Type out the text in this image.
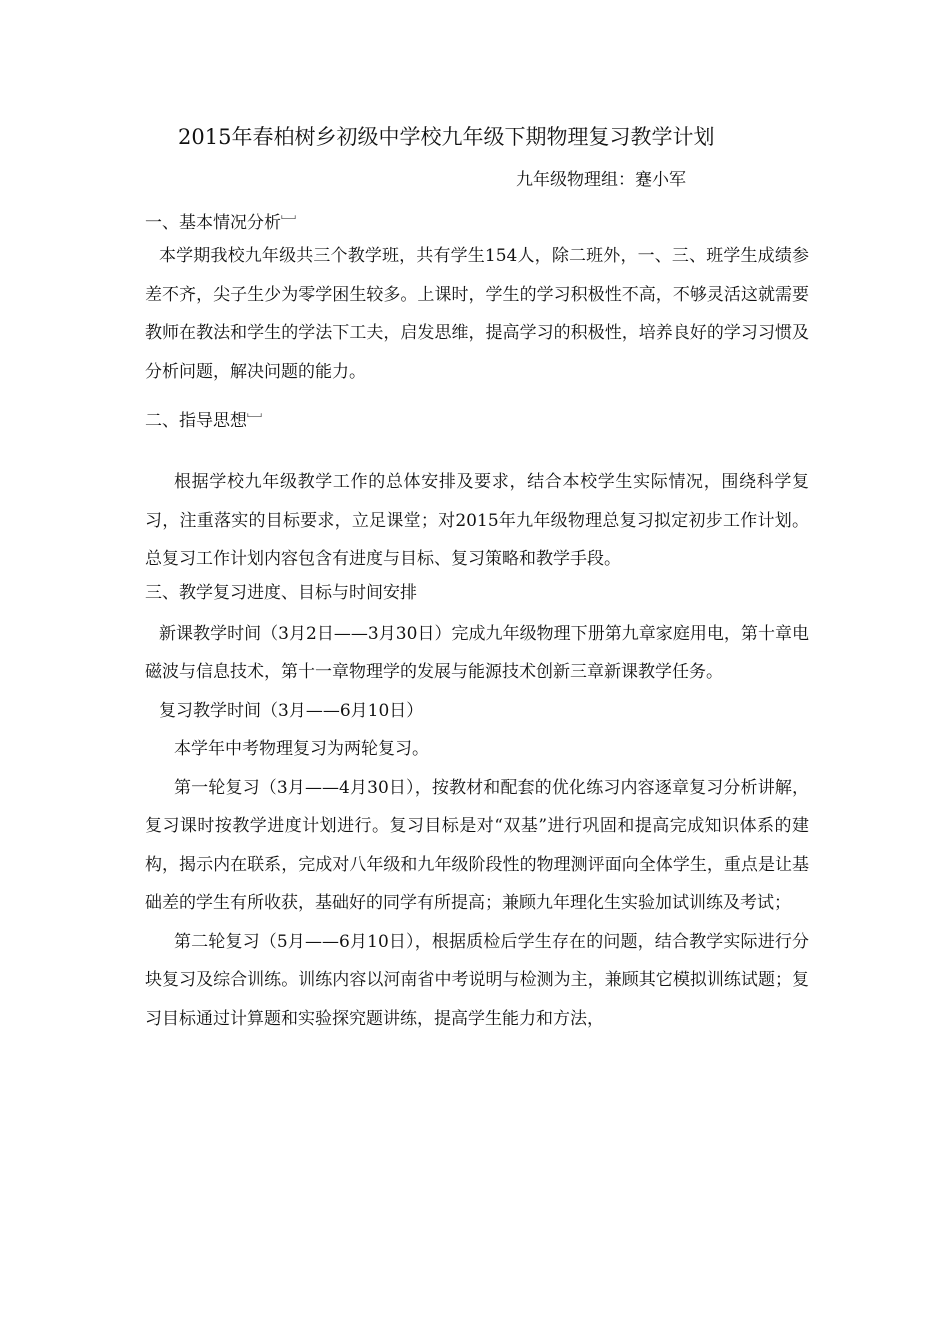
2015年春柏树乡初级中学校九年级下期物理复习教学计划
九年级物理组：蹇小军

一、基本情况分析﹈

本学期我校九年级共三个教学班，共有学生154人，除二班外，一、三、班学生成绩参差不齐，尖子生少为零学困生较多。上课时，学生的学习积极性不高，不够灵活这就需要教师在教法和学生的学法下工夫，启发思维，提高学习的积极性，培养良好的学习习惯及分析问题，解决问题的能力。

二、指导思想﹈

根据学校九年级教学工作的总体安排及要求，结合本校学生实际情况，围绕科学复习，注重落实的目标要求，立足课堂；对2015年九年级物理总复习拟定初步工作计划。总复习工作计划内容包含有进度与目标、复习策略和教学手段。

三、教学复习进度、目标与时间安排

新课教学时间（3月2日——3月30日）完成九年级物理下册第九章家庭用电，第十章电磁波与信息技术，第十一章物理学的发展与能源技术创新三章新课教学任务。

复习教学时间（3月——6月10日）

本学年中考物理复习为两轮复习。

第一轮复习（3月——4月30日），按教材和配套的优化练习内容逐章复习分析讲解，复习课时按教学进度计划进行。复习目标是对“双基”进行巩固和提高完成知识体系的建构，揭示内在联系，完成对八年级和九年级阶段性的物理测评面向全体学生，重点是让基础差的学生有所收获，基础好的同学有所提高；兼顾九年理化生实验加试训练及考试；

第二轮复习（5月——6月10日），根据质检后学生存在的问题，结合教学实际进行分块复习及综合训练。训练内容以河南省中考说明与检测为主，兼顾其它模拟训练试题；复习目标通过计算题和实验探究题讲练，提高学生能力和方法，
